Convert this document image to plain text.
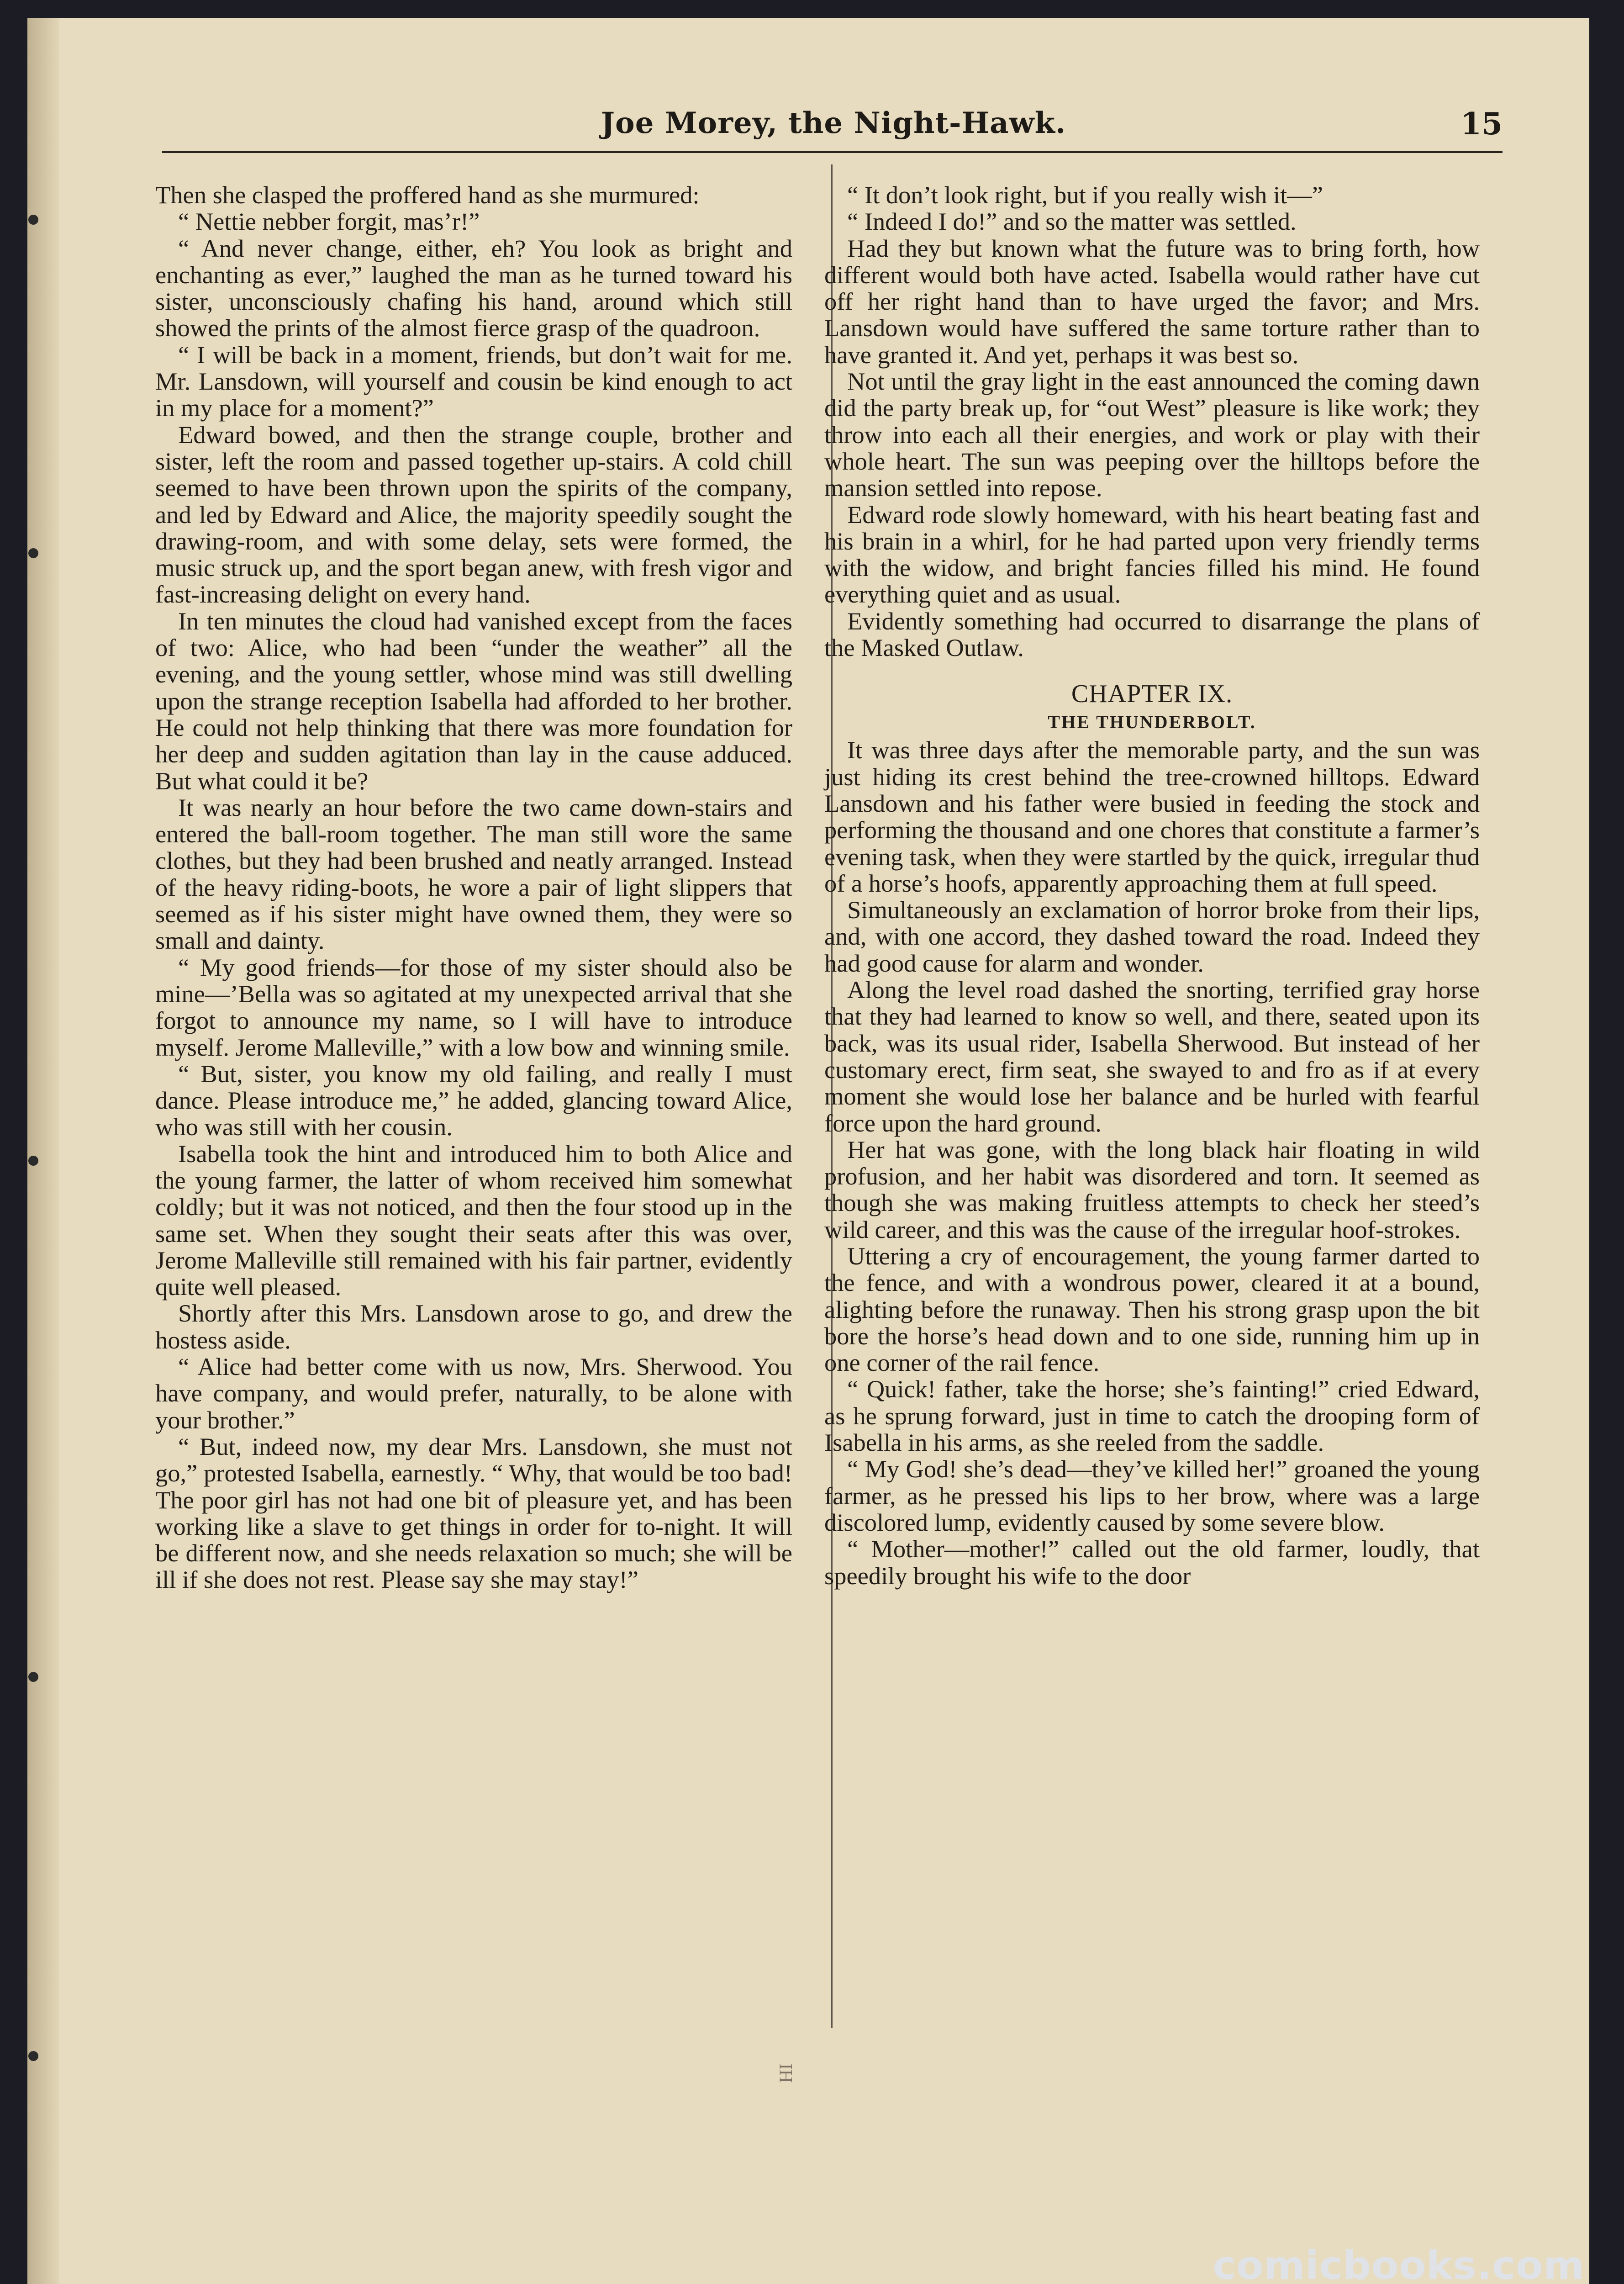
Joe Morey, the Night-Hawk.	15

Then she clasped the proffered hand as she murmured:

“ Nettie nebber forgit, mas’r!”

“ And never change, either, eh? You look as bright and enchanting as ever,” laughed the man as he turned toward his sister, unconsciously chafing his hand, around which still showed the prints of the almost fierce grasp of the quadroon.

“ I will be back in a moment, friends, but don’t wait for me. Mr. Lansdown, will yourself and cousin be kind enough to act in my place for a moment?”

Edward bowed, and then the strange couple, brother and sister, left the room and passed together up-stairs. A cold chill seemed to have been thrown upon the spirits of the company, and led by Edward and Alice, the majority speedily sought the drawing-room, and with some delay, sets were formed, the music struck up, and the sport began anew, with fresh vigor and fast-increasing delight on every hand.

In ten minutes the cloud had vanished except from the faces of two: Alice, who had been “under the weather” all the evening, and the young settler, whose mind was still dwelling upon the strange reception Isabella had afforded to her brother. He could not help thinking that there was more foundation for her deep and sudden agitation than lay in the cause adduced. But what could it be?

It was nearly an hour before the two came down-stairs and entered the ball-room together. The man still wore the same clothes, but they had been brushed and neatly arranged. Instead of the heavy riding-boots, he wore a pair of light slippers that seemed as if his sister might have owned them, they were so small and dainty.

“ My good friends—for those of my sister should also be mine—’Bella was so agitated at my unexpected arrival that she forgot to announce my name, so I will have to introduce myself. Jerome Malleville,” with a low bow and winning smile.

“ But, sister, you know my old failing, and really I must dance. Please introduce me,” he added, glancing toward Alice, who was still with her cousin.

Isabella took the hint and introduced him to both Alice and the young farmer, the latter of whom received him somewhat coldly; but it was not noticed, and then the four stood up in the same set. When they sought their seats after this was over, Jerome Malleville still remained with his fair partner, evidently quite well pleased.

Shortly after this Mrs. Lansdown arose to go, and drew the hostess aside.

“ Alice had better come with us now, Mrs. Sherwood. You have company, and would prefer, naturally, to be alone with your brother.”

“ But, indeed now, my dear Mrs. Lansdown, she must not go,” protested Isabella, earnestly. “ Why, that would be too bad! The poor girl has not had one bit of pleasure yet, and has been working like a slave to get things in order for to-night. It will be different now, and she needs relaxation so much; she will be ill if she does not rest. Please say she may stay!”

“ It don’t look right, but if you really wish it—”

“ Indeed I do!” and so the matter was settled.

Had they but known what the future was to bring forth, how different would both have acted. Isabella would rather have cut off her right hand than to have urged the favor; and Mrs. Lansdown would have suffered the same torture rather than to have granted it. And yet, perhaps it was best so.

Not until the gray light in the east announced the coming dawn did the party break up, for “out West” pleasure is like work; they throw into each all their energies, and work or play with their whole heart. The sun was peeping over the hilltops before the mansion settled into repose.

Edward rode slowly homeward, with his heart beating fast and his brain in a whirl, for he had parted upon very friendly terms with the widow, and bright fancies filled his mind. He found everything quiet and as usual.

Evidently something had occurred to disarrange the plans of the Masked Outlaw.

CHAPTER IX.
THE THUNDERBOLT.

It was three days after the memorable party, and the sun was just hiding its crest behind the tree-crowned hilltops. Edward Lansdown and his father were busied in feeding the stock and performing the thousand and one chores that constitute a farmer’s evening task, when they were startled by the quick, irregular thud of a horse’s hoofs, apparently approaching them at full speed.

Simultaneously an exclamation of horror broke from their lips, and, with one accord, they dashed toward the road. Indeed they had good cause for alarm and wonder.

Along the level road dashed the snorting, terrified gray horse that they had learned to know so well, and there, seated upon its back, was its usual rider, Isabella Sherwood. But instead of her customary erect, firm seat, she swayed to and fro as if at every moment she would lose her balance and be hurled with fearful force upon the hard ground.

Her hat was gone, with the long black hair floating in wild profusion, and her habit was disordered and torn. It seemed as though she was making fruitless attempts to check her steed’s wild career, and this was the cause of the irregular hoof-strokes.

Uttering a cry of encouragement, the young farmer darted to the fence, and with a wondrous power, cleared it at a bound, alighting before the runaway. Then his strong grasp upon the bit bore the horse’s head down and to one side, running him up in one corner of the rail fence.

“ Quick! father, take the horse; she’s fainting!” cried Edward, as he sprung forward, just in time to catch the drooping form of Isabella in his arms, as she reeled from the saddle.

“ My God! she’s dead—they’ve killed her!” groaned the young farmer, as he pressed his lips to her brow, where was a large discolored lump, evidently caused by some severe blow.

“ Mother—mother!” called out the old farmer, loudly, that speedily brought his wife to the door

IH
comicbooks.com
